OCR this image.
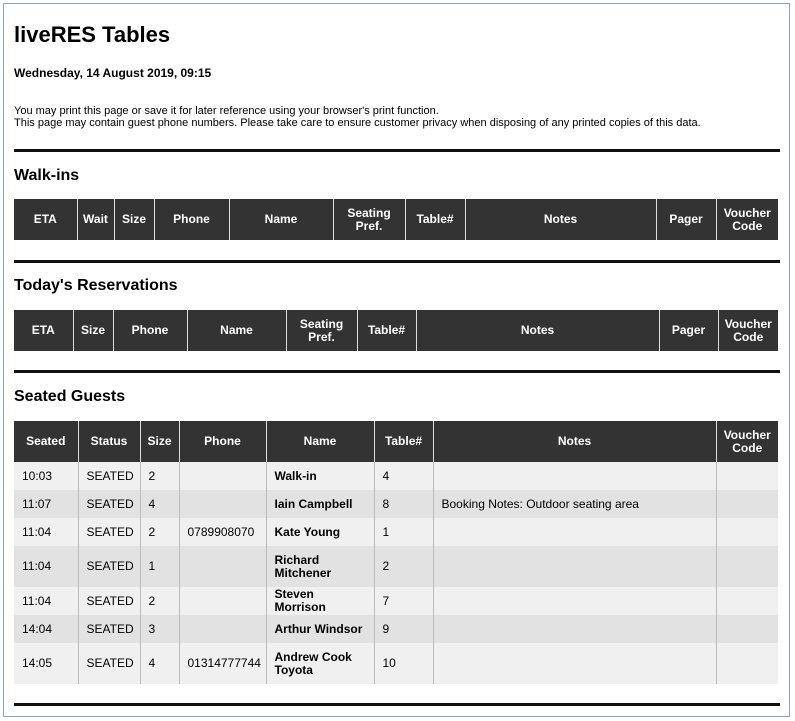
liveRES Tables
Wednesday, 14 August 2019, 09:15
You may print this page or save it for later reference using your browser's print function.
This page may contain guest phone numbers. Please take care to ensure customer privacy when disposing of any printed copies of this data.
Walk-ins
ETA	Wait	Size	Phone	Name	Seating Pref.	Table#	Notes	Pager	Voucher Code
Today's Reservations
ETA	Size	Phone	Name	Seating Pref.	Table#	Notes	Pager	Voucher Code
Seated Guests
Seated	Status	Size	Phone	Name	Table#	Notes	Voucher Code
10:03	SEATED	2		Walk-in	4		
11:07	SEATED	4		Iain Campbell	8	Booking Notes: Outdoor seating area	
11:04	SEATED	2	0789908070	Kate Young	1		
11:04	SEATED	1		Richard Mitchener	2		
11:04	SEATED	2		Steven Morrison	7		
14:04	SEATED	3		Arthur Windsor	9		
14:05	SEATED	4	01314777744	Andrew Cook Toyota	10		
